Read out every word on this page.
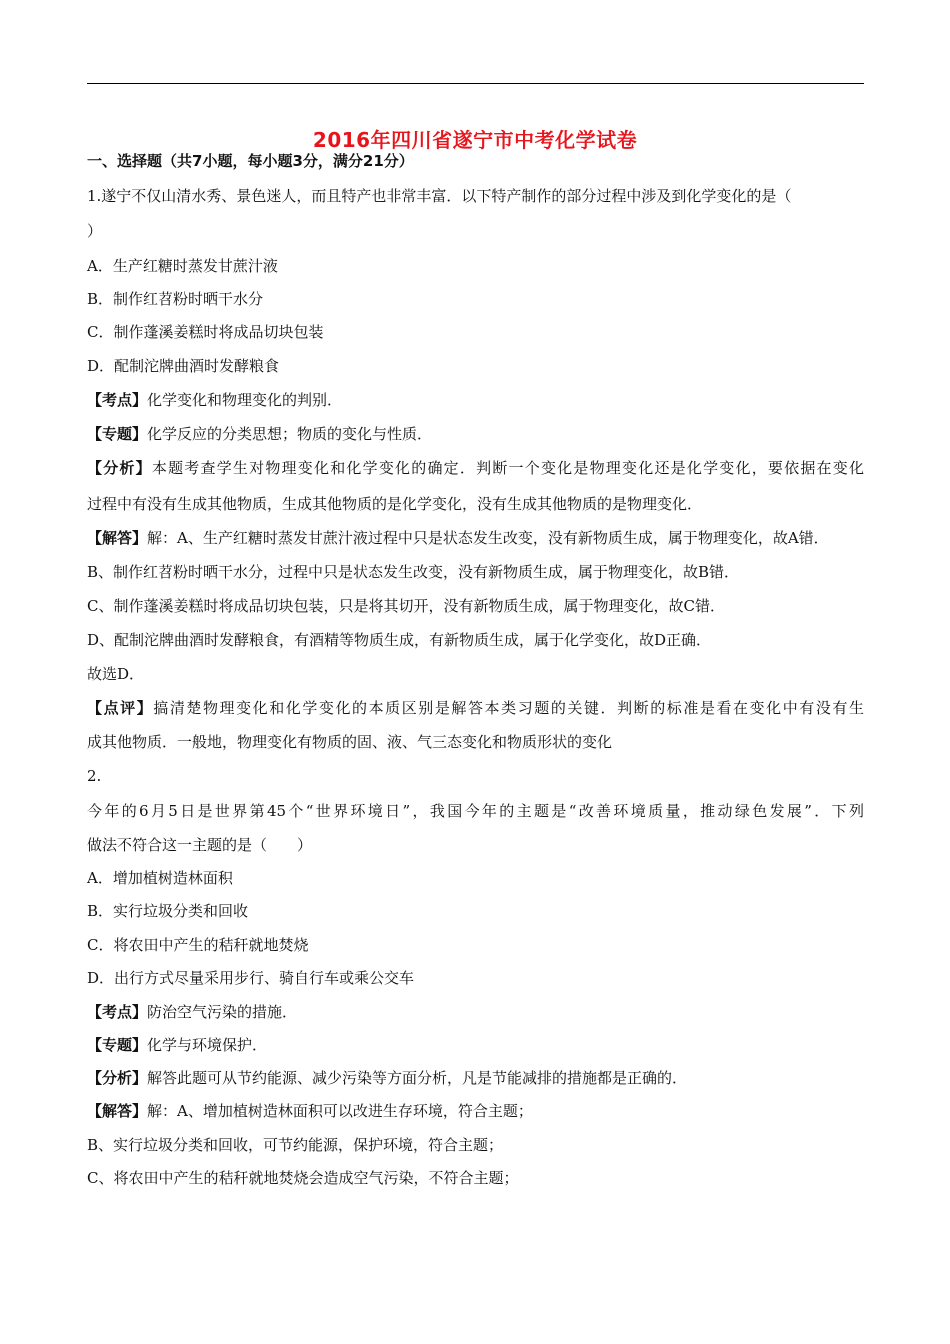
2016年四川省遂宁市中考化学试卷
一、选择题（共7小题，每小题3分，满分21分）
1.遂宁不仅山清水秀、景色迷人，而且特产也非常丰富．以下特产制作的部分过程中涉及到化学变化的是（
）
A．生产红糖时蒸发甘蔗汁液
B．制作红苕粉时晒干水分
C．制作蓬溪姜糕时将成品切块包装
D．配制沱牌曲酒时发酵粮食
【考点】化学变化和物理变化的判别．
【专题】化学反应的分类思想；物质的变化与性质．
【分析】本题考查学生对物理变化和化学变化的确定．判断一个变化是物理变化还是化学变化，要依据在变化
过程中有没有生成其他物质，生成其他物质的是化学变化，没有生成其他物质的是物理变化．
【解答】解：A、生产红糖时蒸发甘蔗汁液过程中只是状态发生改变，没有新物质生成，属于物理变化，故A错．
B、制作红苕粉时晒干水分，过程中只是状态发生改变，没有新物质生成，属于物理变化，故B错．
C、制作蓬溪姜糕时将成品切块包装，只是将其切开，没有新物质生成，属于物理变化，故C错．
D、配制沱牌曲酒时发酵粮食，有酒精等物质生成，有新物质生成，属于化学变化，故D正确．
故选D．
【点评】搞清楚物理变化和化学变化的本质区别是解答本类习题的关键．判断的标准是看在变化中有没有生
成其他物质．一般地，物理变化有物质的固、液、气三态变化和物质形状的变化
2.
今年的6月5日是世界第45个“世界环境日”，我国今年的主题是“改善环境质量，推动绿色发展”．下列
做法不符合这一主题的是（　　）
A．增加植树造林面积
B．实行垃圾分类和回收
C．将农田中产生的秸秆就地焚烧
D．出行方式尽量采用步行、骑自行车或乘公交车
【考点】防治空气污染的措施．
【专题】化学与环境保护．
【分析】解答此题可从节约能源、减少污染等方面分析，凡是节能减排的措施都是正确的．
【解答】解：A、增加植树造林面积可以改进生存环境，符合主题；
B、实行垃圾分类和回收，可节约能源，保护环境，符合主题；
C、将农田中产生的秸秆就地焚烧会造成空气污染，不符合主题；
